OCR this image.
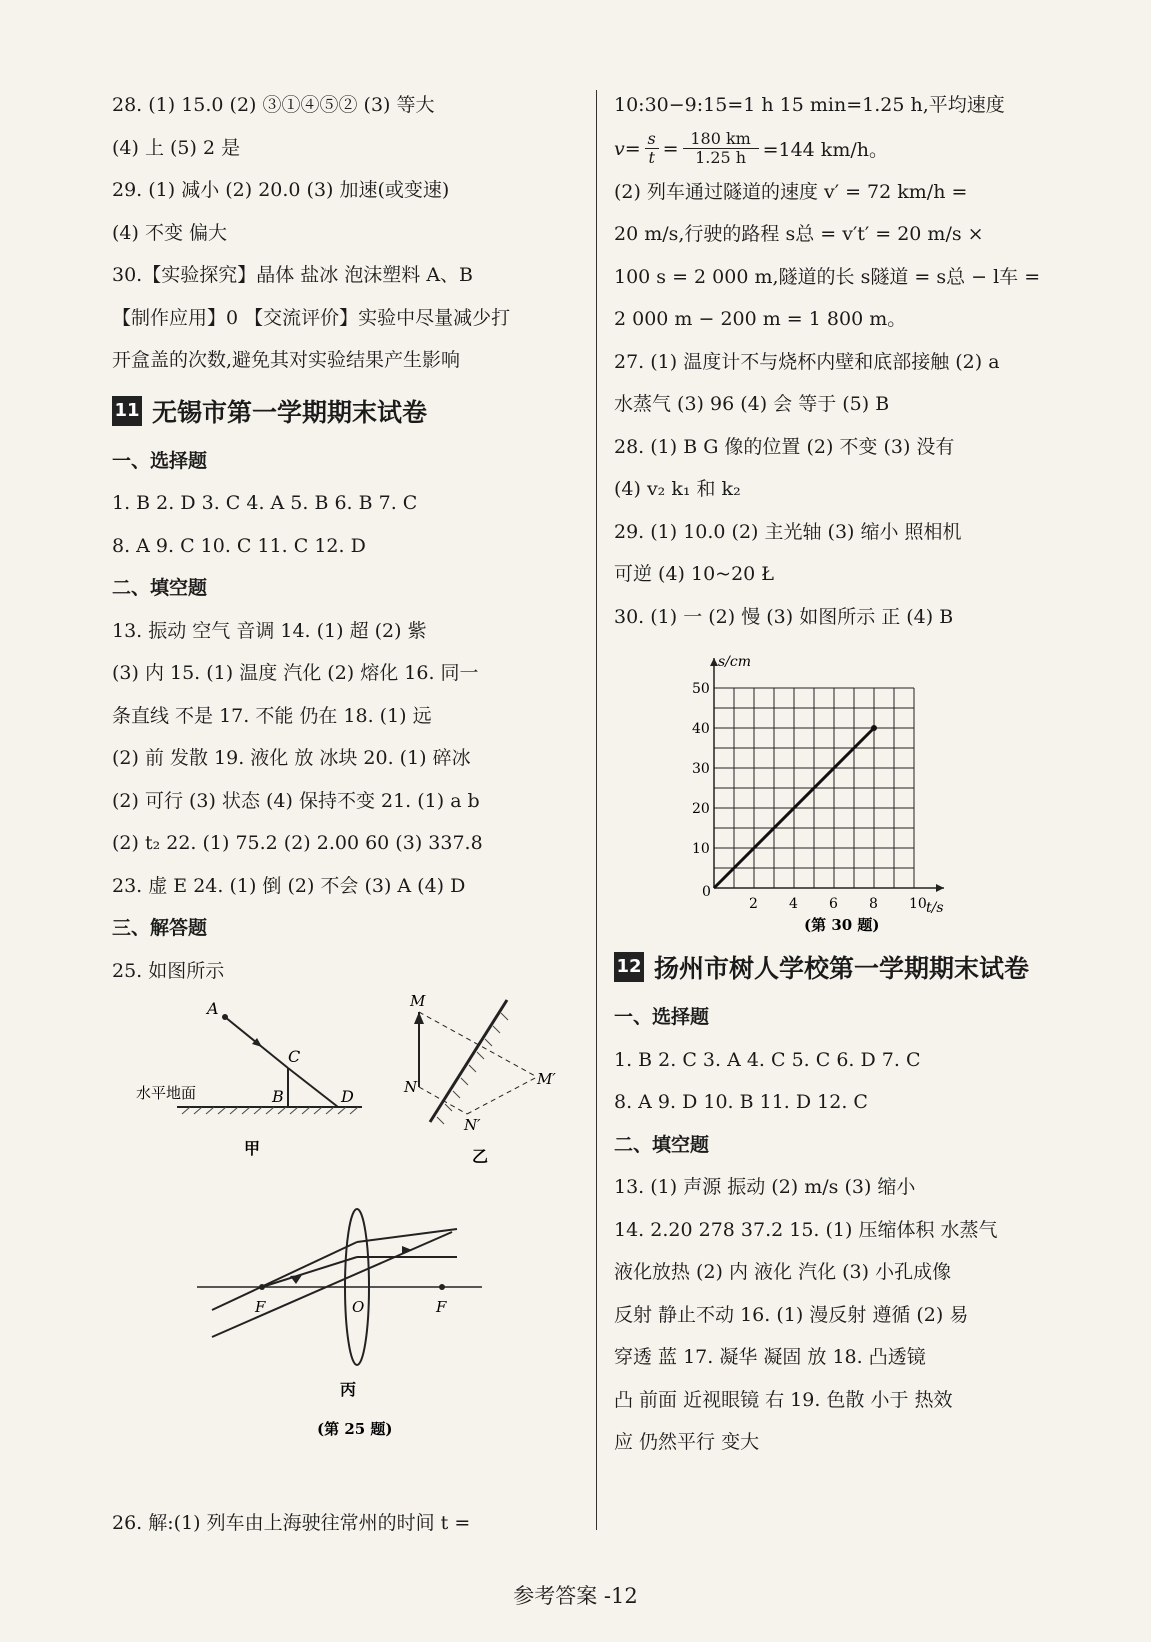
28. (1) 15.0 (2) ③①④⑤② (3) 等大
(4) 上 (5) 2 是
29. (1) 减小 (2) 20.0 (3) 加速(或变速)
(4) 不变 偏大
30.【实验探究】晶体 盐冰 泡沫塑料 A、B
【制作应用】0 【交流评价】实验中尽量减少打
开盒盖的次数,避免其对实验结果产生影响
11 无锡市第一学期期末试卷
一、选择题
1. B 2. D 3. C 4. A 5. B 6. B 7. C
8. A 9. C 10. C 11. C 12. D
二、填空题
13. 振动 空气 音调 14. (1) 超 (2) 紫
(3) 内 15. (1) 温度 汽化 (2) 熔化 16. 同一
条直线 不是 17. 不能 仍在 18. (1) 远
(2) 前 发散 19. 液化 放 冰块 20. (1) 碎冰
(2) 可行 (3) 状态 (4) 保持不变 21. (1) a b
(2) t₂ 22. (1) 75.2 (2) 2.00 60 (3) 337.8
23. 虚 E 24. (1) 倒 (2) 不会 (3) A (4) D
三、解答题
25. 如图所示
A
C
B	D
水平地面
甲
M
N	M′
N′
乙
F	O	F
丙
(第 25 题)
26. 解:(1) 列车由上海驶往常州的时间 t =
10:30−9:15=1 h 15 min=1.25 h,平均速度
v= s
t = 180 km
1.25 h =144 km/h。
(2) 列车通过隧道的速度 v′ = 72 km/h =
20 m/s,行驶的路程 s总 = v′t′ = 20 m/s ×
100 s = 2 000 m,隧道的长 s隧道 = s总 − l车 =
2 000 m − 200 m = 1 800 m。
27. (1) 温度计不与烧杯内壁和底部接触 (2) a
水蒸气 (3) 96 (4) 会 等于 (5) B
28. (1) B G 像的位置 (2) 不变 (3) 没有
(4) v₂ k₁ 和 k₂
29. (1) 10.0 (2) 主光轴 (3) 缩小 照相机
可逆 (4) 10~20 Ł
30. (1) 一 (2) 慢 (3) 如图所示 正 (4) B
2 4 6 8 10
10
20
30
40
50
0
t/s
s/cm
(第 30 题)
12 扬州市树人学校第一学期期末试卷
一、选择题
1. B 2. C 3. A 4. C 5. C 6. D 7. C
8. A 9. D 10. B 11. D 12. C
二、填空题
13. (1) 声源 振动 (2) m/s (3) 缩小
14. 2.20 278 37.2 15. (1) 压缩体积 水蒸气
液化放热 (2) 内 液化 汽化 (3) 小孔成像
反射 静止不动 16. (1) 漫反射 遵循 (2) 易
穿透 蓝 17. 凝华 凝固 放 18. 凸透镜
凸 前面 近视眼镜 右 19. 色散 小于 热效
应 仍然平行 变大
参考答案 -12
